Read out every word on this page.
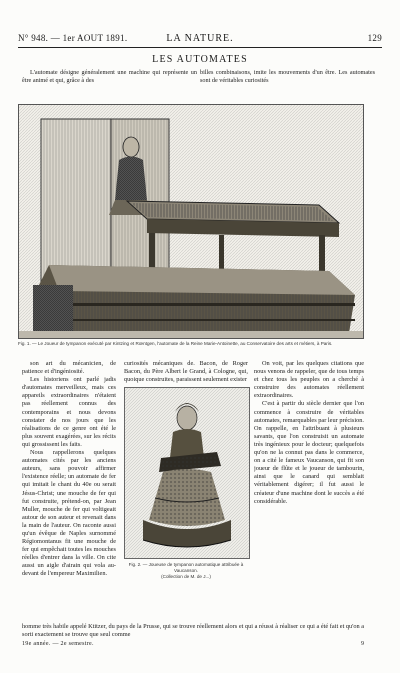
N° 948. — 1er AOUT 1891.	LA NATURE.	129
LES AUTOMATES
L'automate désigne généralement une machine qui représente un être animé et qui, grâce à des
billes combinaisons, imite les mouvements d'un être. Les automates sont de véritables curiosités
Fig. 1. — Le Joueur de tympanon exécuté par Kintzing et Rœntgen, l'automate de la Reine Marie-Antoinette, au Conservatoire des arts et métiers, à Paris.

son art du mécanicien, de patience et d'ingéniosité.

Les historiens ont parlé jadis d'automates merveilleux, mais ces appareils extraordinaires n'étaient pas réellement connus des contemporains et nous devons constater de nos jours que les réalisations de ce genre ont été le plus souvent exagérées, sur les récits qui grossissent les faits.

Nous rappellerons quelques automates cités par les anciens auteurs, sans pouvoir affirmer l'existence réelle; un automate de fer qui imitait le chant du 40e ou serait Jésus-Christ; une mouche de fer qui fut construite, prétend-on, par Jean Muller, mouche de fer qui voltigeait autour de son auteur et revenait dans la main de l'auteur. On raconte aussi qu'un évêque de Naples surnommé Régiomontanus fit une mouche de fer qui empêchait toutes les mouches réelles d'entrer dans la ville. On cite aussi un aigle d'airain qui vola au-devant de l'empereur Maximilien.

curiosités mécaniques de. Bacon, de Roger Bacon, du Père Albert le Grand, à Cologne, qui, quoique construites, paraissent seulement exister
Fig. 2. — Joueuse de tympanon automatique attribuée à Vaucanson.
(Collection de M. de J...)

On voit, par les quelques citations que nous venons de rappeler, que de tous temps et chez tous les peuples on a cherché à construire des automates réellement extraordinaires.

C'est à partir du siècle dernier que l'on commence à construire de véritables automates, remarquables par leur précision. On rappelle, en l'attribuant à plusieurs savants, que l'on construisit un automate très ingénieux pour le docteur; quelquefois qu'on ne la connut pas dans le commerce, on a cité le fameux Vaucanson, qui fit son joueur de flûte et le joueur de tambourin, ainsi que le canard qui semblait véritablement digérer; il fut aussi le créateur d'une machine dont le succès a été considérable.

homme très habile appelé Ktitzer, du pays de la Prusse, qui se trouve réellement alors et qui a réussi à réaliser ce qui a été fait et qu'on a sorti exactement se trouve que seul comme
19e année. — 2e semestre.	9
